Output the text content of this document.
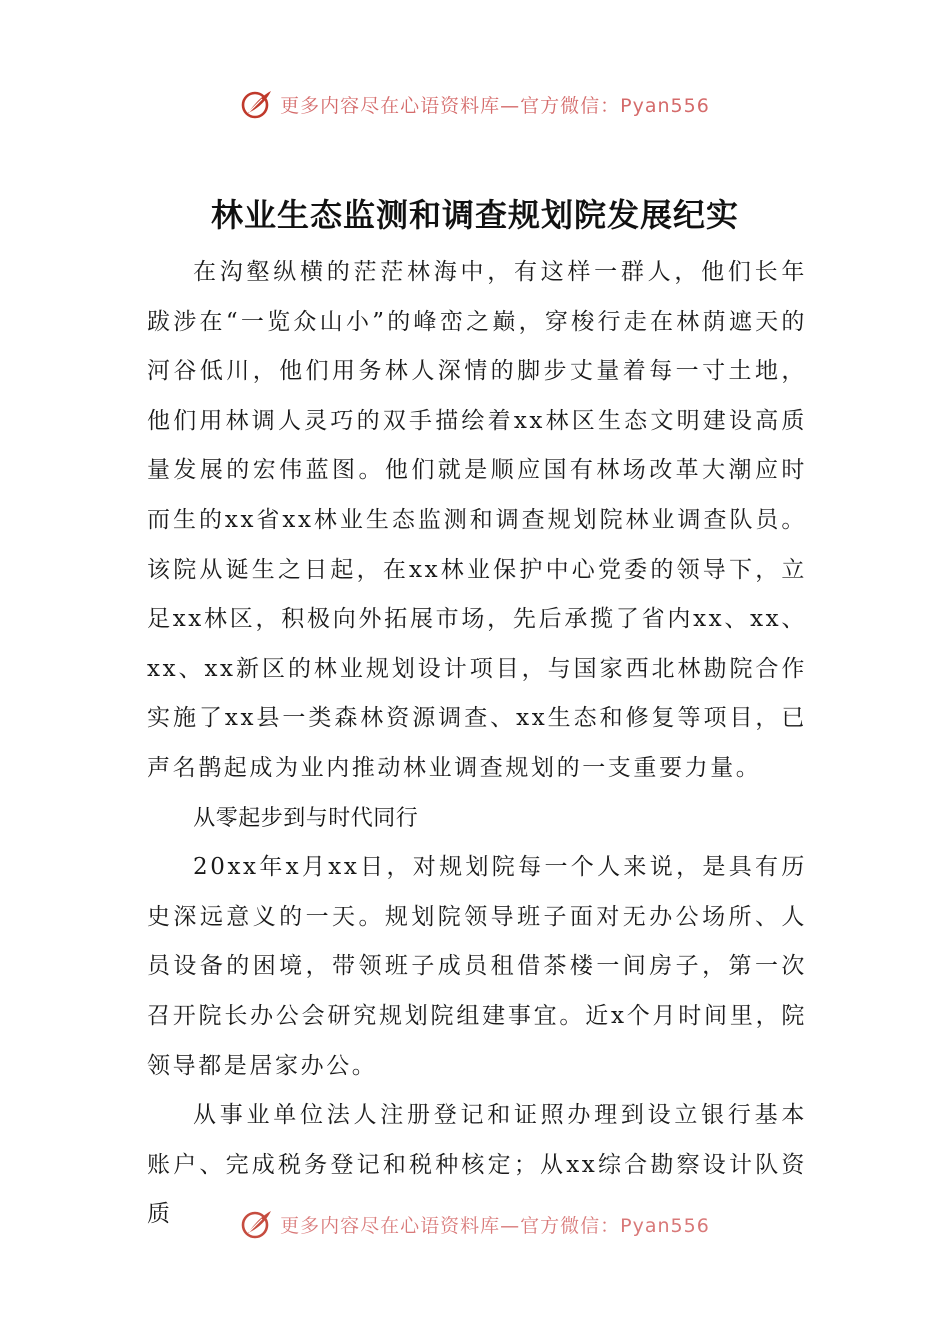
更多内容尽在心语资料库—官方微信：Pyan556
林业生态监测和调查规划院发展纪实

在沟壑纵横的茫茫林海中，有这样一群人，他们长年跋涉在“一览众山小”的峰峦之巅，穿梭行走在林荫遮天的河谷低川，他们用务林人深情的脚步丈量着每一寸土地，他们用林调人灵巧的双手描绘着xx林区生态文明建设高质量发展的宏伟蓝图。他们就是顺应国有林场改革大潮应时而生的xx省xx林业生态监测和调查规划院林业调查队员。该院从诞生之日起，在xx林业保护中心党委的领导下，立足xx林区，积极向外拓展市场，先后承揽了省内xx、xx、xx、xx新区的林业规划设计项目，与国家西北林勘院合作实施了xx县一类森林资源调查、xx生态和修复等项目，已声名鹊起成为业内推动林业调查规划的一支重要力量。

从零起步到与时代同行

20xx年x月xx日，对规划院每一个人来说，是具有历史深远意义的一天。规划院领导班子面对无办公场所、人员设备的困境，带领班子成员租借茶楼一间房子，第一次召开院长办公会研究规划院组建事宜。近x个月时间里，院领导都是居家办公。

从事业单位法人注册登记和证照办理到设立银行基本账户、完成税务登记和税种核定；从xx综合勘察设计队资质	更多内容尽在心语资料库—官方微信：Pyan556
